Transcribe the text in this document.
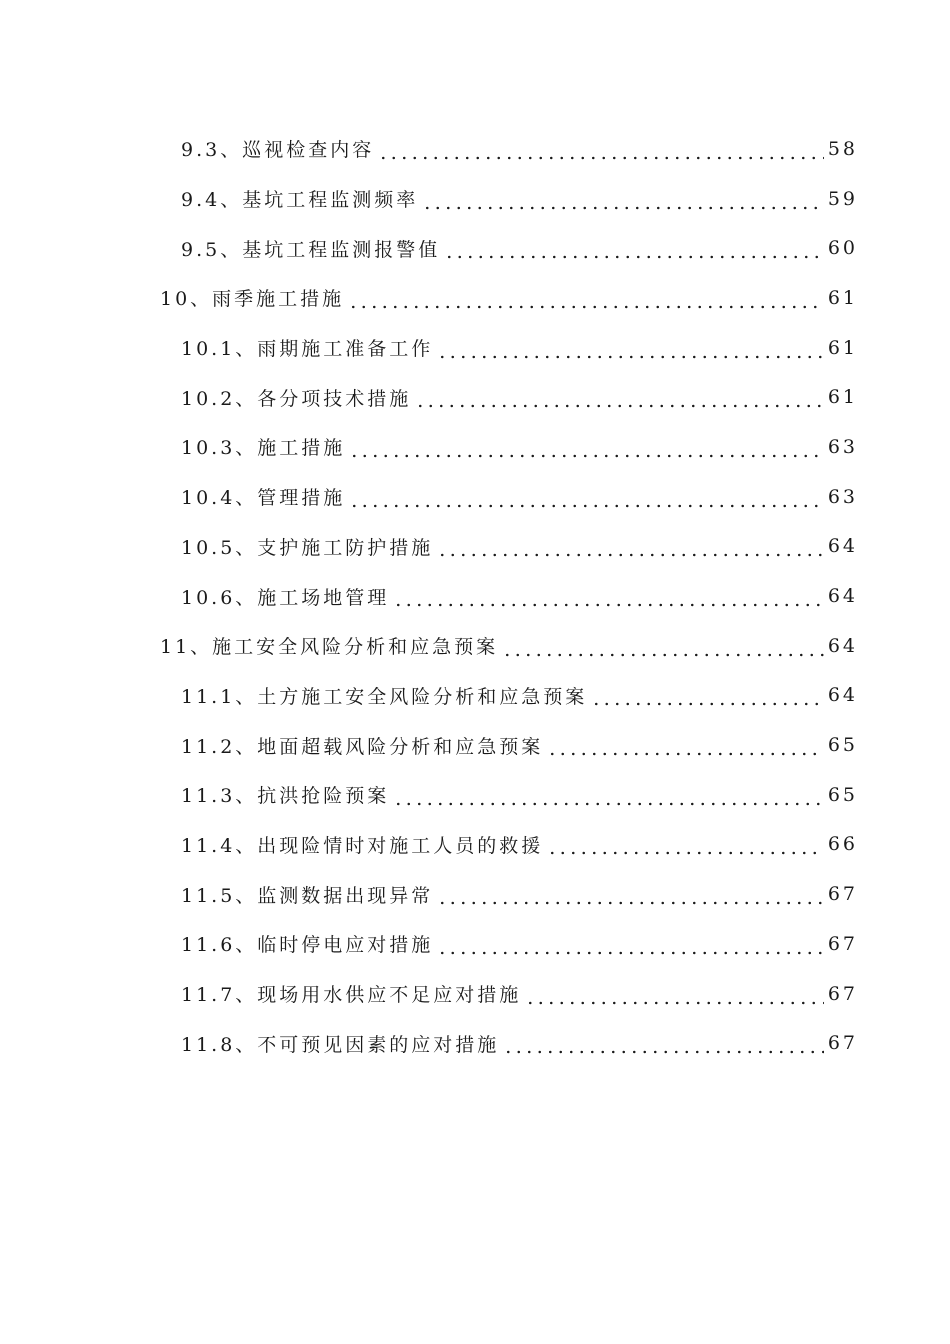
9.3、巡视检查内容	58
9.4、基坑工程监测频率	59
9.5、基坑工程监测报警值	60
10、雨季施工措施	61
10.1、雨期施工准备工作	61
10.2、各分项技术措施	61
10.3、施工措施	63
10.4、管理措施	63
10.5、支护施工防护措施	64
10.6、施工场地管理	64
11、施工安全风险分析和应急预案	64
11.1、土方施工安全风险分析和应急预案	64
11.2、地面超载风险分析和应急预案	65
11.3、抗洪抢险预案	65
11.4、出现险情时对施工人员的救援	66
11.5、监测数据出现异常	67
11.6、临时停电应对措施	67
11.7、现场用水供应不足应对措施	67
11.8、不可预见因素的应对措施	67
